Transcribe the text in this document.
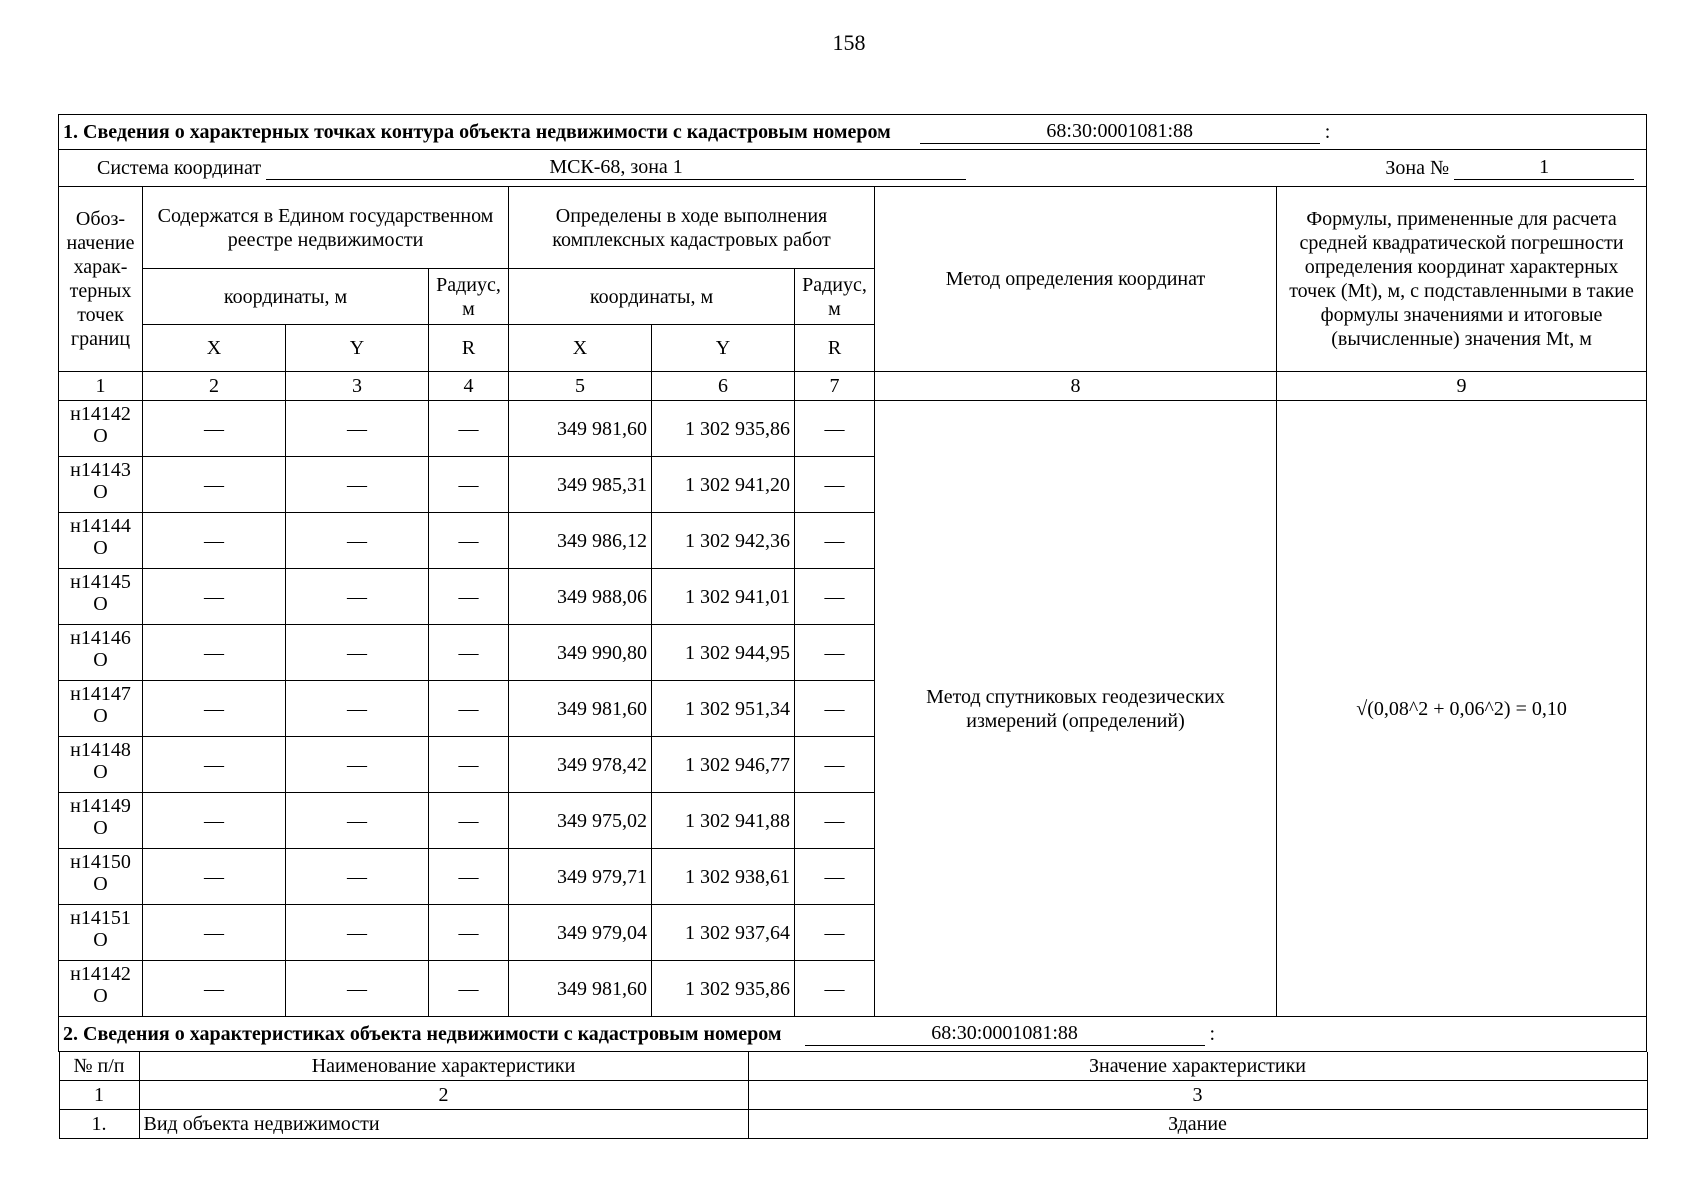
158
1. Сведения о характерных точках контура объекта недвижимости с кадастровым номером	68:30:0001081:88	:

Система координат	МСК-68, зона 1	Зона №	1

Обоз-начение харак-терных точек границ	Содержатся в Едином государственном реестре недвижимости	Определены в ходе выполнения комплексных кадастровых работ	Метод определения координат	Формулы, примененные для расчета средней квадратической погрешности определения координат характерных точек (Mt), м, с подставленными в такие формулы значениями и итоговые (вычисленные) значения Mt, м
координаты, м	Радиус, м	координаты, м	Радиус, м
X	Y	R	X	Y	R
1	2	3	4	5	6	7	8	9
н14142 О	—	—	—	349 981,60	1 302 935,86	—	Метод спутниковых геодезических измерений (определений)	√(0,08^2 + 0,06^2) = 0,10
н14143 О	—	—	—	349 985,31	1 302 941,20	—
н14144 О	—	—	—	349 986,12	1 302 942,36	—
н14145 О	—	—	—	349 988,06	1 302 941,01	—
н14146 О	—	—	—	349 990,80	1 302 944,95	—
н14147 О	—	—	—	349 981,60	1 302 951,34	—
н14148 О	—	—	—	349 978,42	1 302 946,77	—
н14149 О	—	—	—	349 975,02	1 302 941,88	—
н14150 О	—	—	—	349 979,71	1 302 938,61	—
н14151 О	—	—	—	349 979,04	1 302 937,64	—
н14142 О	—	—	—	349 981,60	1 302 935,86	—
2. Сведения о характеристиках объекта недвижимости с кадастровым номером	68:30:0001081:88	:

№ п/п	Наименование характеристики	Значение характеристики
1	2	3
1.	Вид объекта недвижимости	Здание
